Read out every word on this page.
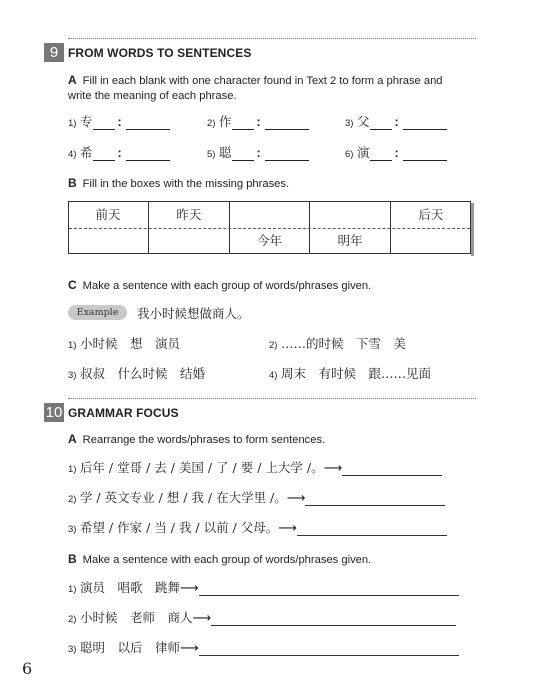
9 FROM WORDS TO SENTENCES
A Fill in each blank with one character found in Text 2 to form a phrase and
write the meaning of each phrase.
1) 专 :	2) 作 :	3) 父 :
4) 希 :	5) 聪 :	6) 演 :
B Fill in the boxes with the missing phrases.
前天	昨天			后天
		今年	明年	
C Make a sentence with each group of words/phrases given.
Example	我小时候想做商人。
1) 小时候　想　演员	2) ……的时候　下雪　美
3) 叔叔　什么时候　结婚	4) 周末　有时候　跟……见面
10 GRAMMAR FOCUS
A Rearrange the words/phrases to form sentences.
1) 后年 / 堂哥 / 去 / 美国 / 了 / 要 / 上大学 /。⟶
2) 学 / 英文专业 / 想 / 我 / 在大学里 /。⟶
3) 希望 / 作家 / 当 / 我 / 以前 / 父母。⟶
B Make a sentence with each group of words/phrases given.
1) 演员　唱歌　跳舞⟶
2) 小时候　老师　商人⟶
3) 聪明　以后　律师⟶
6
